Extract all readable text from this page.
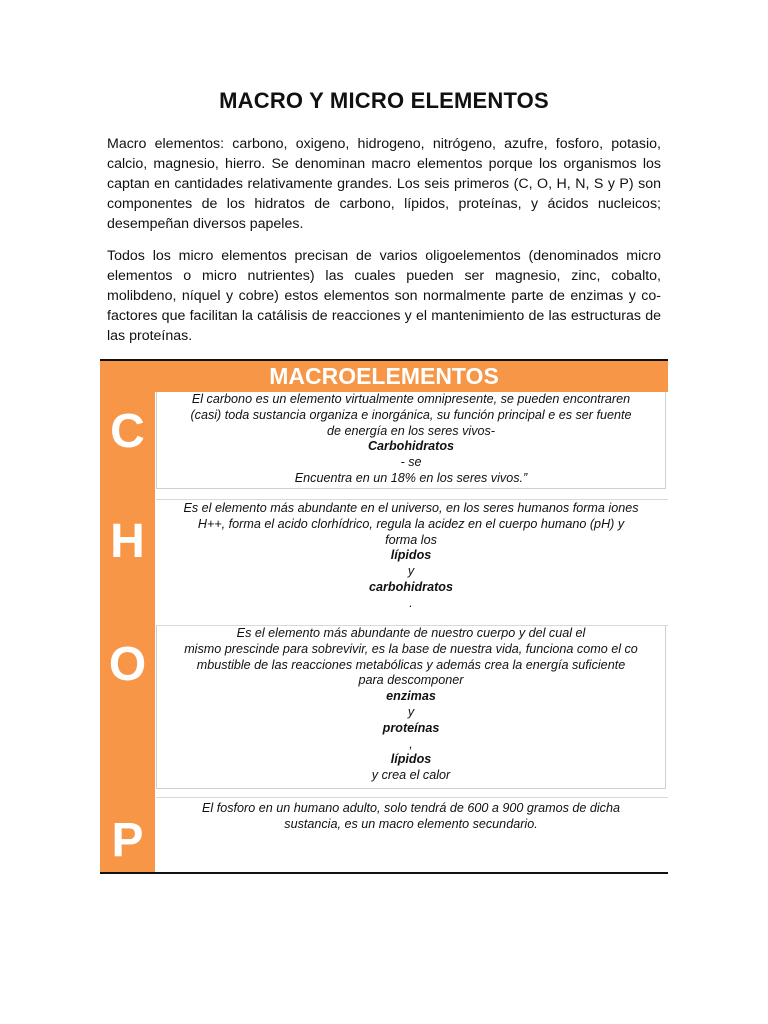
MACRO Y MICRO ELEMENTOS

Macro elementos: carbono, oxigeno, hidrogeno, nitrógeno, azufre, fosforo, potasio, calcio, magnesio, hierro. Se denominan macro elementos porque los organismos los captan en cantidades relativamente grandes. Los seis primeros (C, O, H, N, S y P) son componentes de los hidratos de carbono, lípidos, proteínas, y ácidos nucleicos; desempeñan diversos papeles.

Todos los micro elementos precisan de varios oligoelementos (denominados micro elementos o micro nutrientes) las cuales pueden ser magnesio, zinc, cobalto, molibdeno, níquel y cobre) estos elementos son normalmente parte de enzimas y co-factores que facilitan la catálisis de reacciones y el mantenimiento de las estructuras de las proteínas.

MACROELEMENTOS
C
H
O
P
El carbono es un elemento virtualmente omnipresente, se pueden encontraren
(casi) toda sustancia organiza e inorgánica, su función principal e es ser fuente
de energía en los seres vivos-
Carbohidratos
- se
Encuentra en un 18% en los seres vivos.”
Es el elemento más abundante en el universo, en los seres humanos forma iones
H++, forma el acido clorhídrico, regula la acidez en el cuerpo humano (pH) y
forma los
lípidos
y
carbohidratos
.
Es el elemento más abundante de nuestro cuerpo y del cual el
mismo prescinde para sobrevivir, es la base de nuestra vida, funciona como el co
mbustible de las reacciones metabólicas y además crea la energía suficiente
para descomponer
enzimas
y
proteínas
,
lípidos
y crea el calor
El fosforo en un humano adulto, solo tendrá de 600 a 900 gramos de dicha
sustancia, es un macro elemento secundario.
